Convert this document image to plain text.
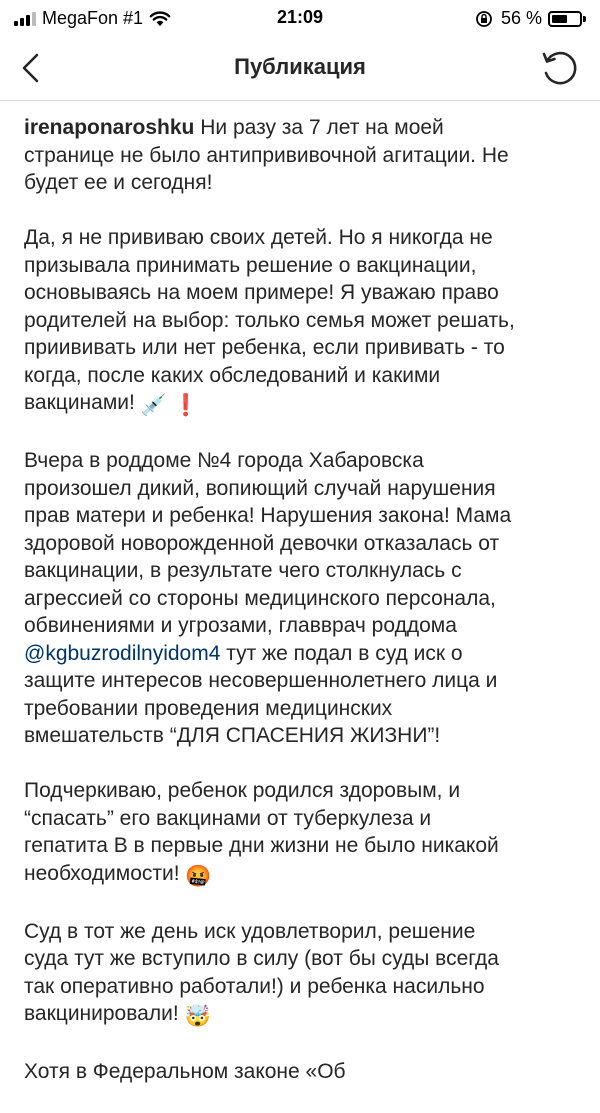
MegaFon #1	21:09	56 %
Публикация

irenaponaroshku Ни разу за 7 лет на моей
странице не было антипрививочной агитации. Не
будет ее и сегодня!

Да, я не прививаю своих детей. Но я никогда не
призывала принимать решение о вакцинации,
основываясь на моем примере! Я уважаю право
родителей на выбор: только семья может решать,
приививать или нет ребенка, если прививать - то
когда, после каких обследований и какими
вакцинами! 💉 ❗

Вчера в роддоме №4 города Хабаровска
произошел дикий, вопиющий случай нарушения
прав матери и ребенка! Нарушения закона! Мама
здоровой новорожденной девочки отказалась от
вакцинации, в результате чего столкнулась с
агрессией со стороны медицинского персонала,
обвинениями и угрозами, главврач роддома
@kgbuzrodilnyidom4 тут же подал в суд иск о
защите интересов несовершеннолетнего лица и
требовании проведения медицинских
вмешательств “ДЛЯ СПАСЕНИЯ ЖИЗНИ”!

Подчеркиваю, ребенок родился здоровым, и
“спасать” его вакцинами от туберкулеза и
гепатита В в первые дни жизни не было никакой
необходимости! 🤬

Суд в тот же день иск удовлетворил, решение
суда тут же вступило в силу (вот бы суды всегда
так оперативно работали!) и ребенка насильно
вакцинировали! 🤯

Хотя в Федеральном законе «Об
